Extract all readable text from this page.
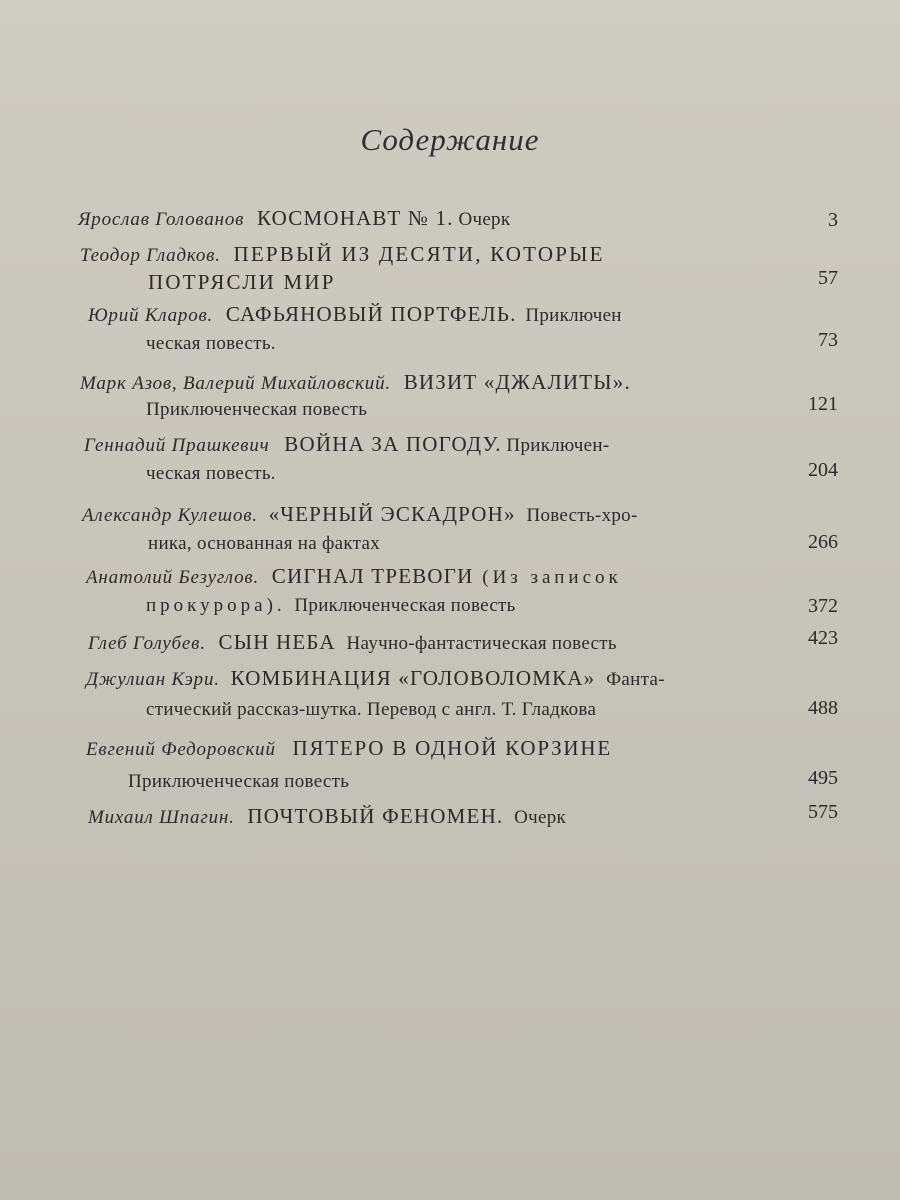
Содержание
Ярослав Голованов КОСМОНАВТ № 1. Очерк	3
Теодор Гладков. ПЕРВЫЙ ИЗ ДЕСЯТИ, КОТОРЫЕ
ПОТРЯСЛИ МИР	57
Юрий Кларов. САФЬЯНОВЫЙ ПОРТФЕЛЬ. Приключен
ческая повесть.	73
Марк Азов, Валерий Михайловский. ВИЗИТ «ДЖАЛИТЫ».
Приключенческая повесть	121
Геннадий Прашкевич ВОЙНА ЗА ПОГОДУ. Приключен-
ческая повесть.	204
Александр Кулешов. «ЧЕРНЫЙ ЭСКАДРОН» Повесть-хро-
ника, основанная на фактах	266
Анатолий Безуглов. СИГНАЛ ТРЕВОГИ (Из записок
прокурора). Приключенческая повесть	372
Глеб Голубев. СЫН НЕБА Научно-фантастическая повесть	423
Джулиан Кэри. КОМБИНАЦИЯ «ГОЛОВОЛОМКА» Фанта-
стический рассказ-шутка. Перевод с англ. Т. Гладкова	488
Евгений Федоровский ПЯТЕРО В ОДНОЙ КОРЗИНЕ
Приключенческая повесть	495
Михаил Шпагин. ПОЧТОВЫЙ ФЕНОМЕН. Очерк	575
